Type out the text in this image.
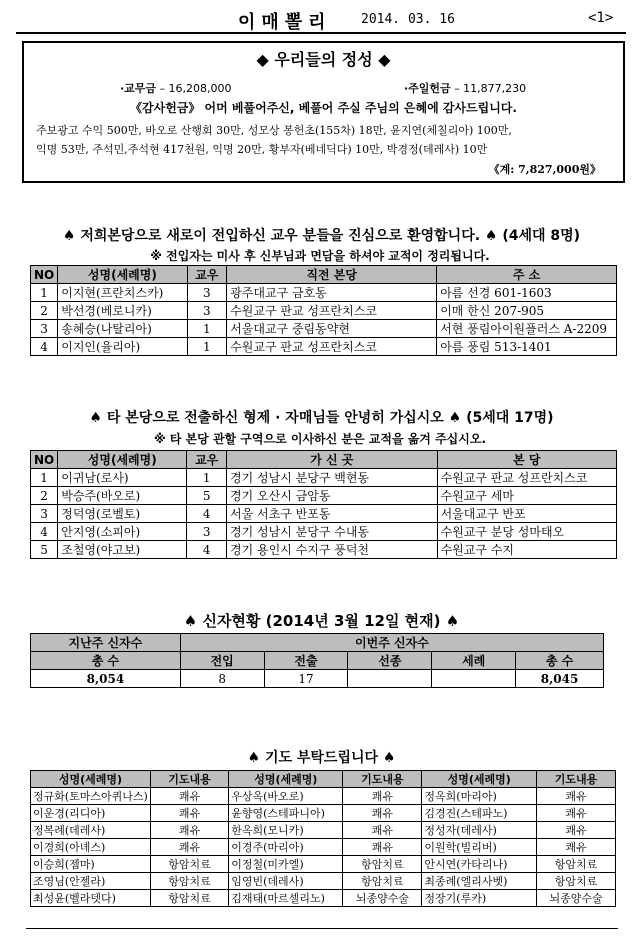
이매뽈리 2014. 03. 16	<1>
◆ 우리들의 정성 ◆
·교무금 – 16,208,000	·주일헌금 – 11,877,230
《감사헌금》 어머 베풀어주신, 베풀어 주실 주님의 은혜에 감사드립니다.
주보광고 수익 500만, 바오로 산행회 30만, 성모상 봉헌초(155차) 18만, 윤지연(체칠리아) 100만,
익명 53만, 주석민,주석현 417천원, 익명 20만, 황부자(베네딕다) 10만, 박경정(데레사) 10만
《계: 7,827,000원》
♠ 저희본당으로 새로이 전입하신 교우 분들을 진심으로 환영합니다. ♠ (4세대 8명)
※ 전입자는 미사 후 신부님과 면담을 하셔야 교적이 정리됩니다.
NO	성명(세례명)	교우	직전 본당	주 소
1	이지현(프란치스카)	3	광주대교구 금호동	아름 선경 601-1603
2	박선경(베로니카)	3	수원교구 판교 성프란치스코	이매 한신 207-905
3	송혜승(나탈리아)	1	서울대교구 중림동약현	서현 풍림아이원플러스 A-2209
4	이지인(율리아)	1	수원교구 판교 성프란치스코	아름 풍림 513-1401
♠ 타 본당으로 전출하신 형제 · 자매님들 안녕히 가십시오 ♠ (5세대 17명)
※ 타 본당 관할 구역으로 이사하신 분은 교적을 옮겨 주십시오.
NO	성명(세례명)	교우	가 신 곳	본 당
1	이귀남(로사)	1	경기 성남시 분당구 백현동	수원교구 판교 성프란치스코
2	박승주(바오로)	5	경기 오산시 금암동	수원교구 세마
3	정덕영(로벨토)	4	서울 서초구 반포동	서울대교구 반포
4	안지영(소피아)	3	경기 성남시 분당구 수내동	수원교구 분당 성마태오
5	조철영(야고보)	4	경기 용인시 수지구 풍덕천	수원교구 수지
♠ 신자현황 (2014년 3월 12일 현재) ♠
지난주 신자수	이번주 신자수				
총 수	전입	전출	선종	세례	총 수
8,054	8	17			8,045
♠ 기도 부탁드립니다 ♠
성명(세례명)	기도내용	성명(세례명)	기도내용	성명(세례명)	기도내용
정규화(토마스아퀴나스)	쾌유	우상옥(바오로)	쾌유	정옥희(마리아)	쾌유
이운경(리디아)	쾌유	윤향영(스테파니아)	쾌유	김경진(스테파노)	쾌유
정복례(데레사)	쾌유	한옥희(모니카)	쾌유	정성자(데레사)	쾌유
이경희(아녜스)	쾌유	이경주(마리아)	쾌유	이원학(빌리버)	쾌유
이승희(젬마)	항암치료	이정철(미카엘)	항암치료	안시연(카타리나)	항암치료
조영님(안젤라)	항암치료	임영빈(데레사)	항암치료	최종례(엘리사벳)	항암치료
최성윤(벨라뎃다)	항암치료	김재태(마르셀리노)	뇌종양수술	정장기(루카)	뇌종양수술
